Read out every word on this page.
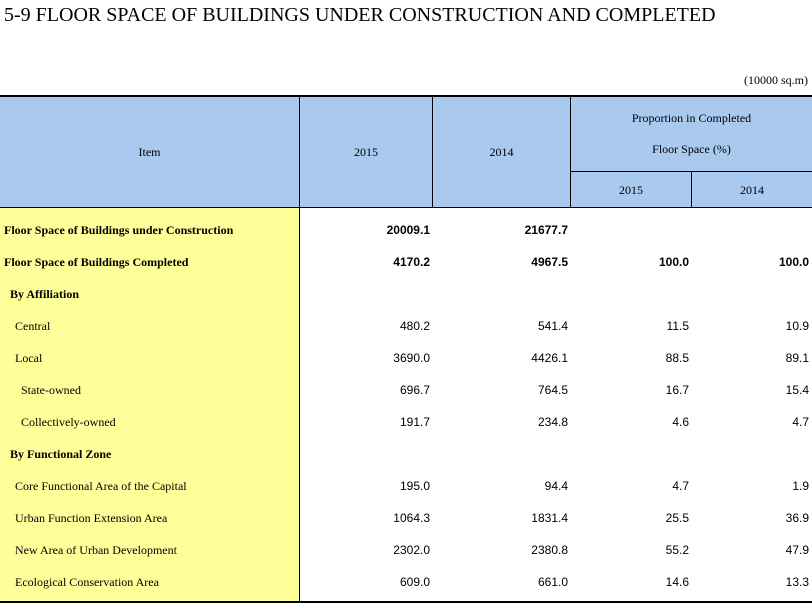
5-9 FLOOR SPACE OF BUILDINGS UNDER CONSTRUCTION AND COMPLETED
(10000 sq.m)
Item	2015	2014
Proportion in Completed
Floor Space (%)
2015	2014
Floor Space of Buildings under Construction	20009.1	21677.7
Floor Space of Buildings Completed	4170.2	4967.5	100.0	100.0
By Affiliation
Central	480.2	541.4	11.5	10.9
Local	3690.0	4426.1	88.5	89.1
State-owned	696.7	764.5	16.7	15.4
Collectively-owned	191.7	234.8	4.6	4.7
By Functional Zone
Core Functional Area of the Capital	195.0	94.4	4.7	1.9
Urban Function Extension Area	1064.3	1831.4	25.5	36.9
New Area of Urban Development	2302.0	2380.8	55.2	47.9
Ecological Conservation Area	609.0	661.0	14.6	13.3
